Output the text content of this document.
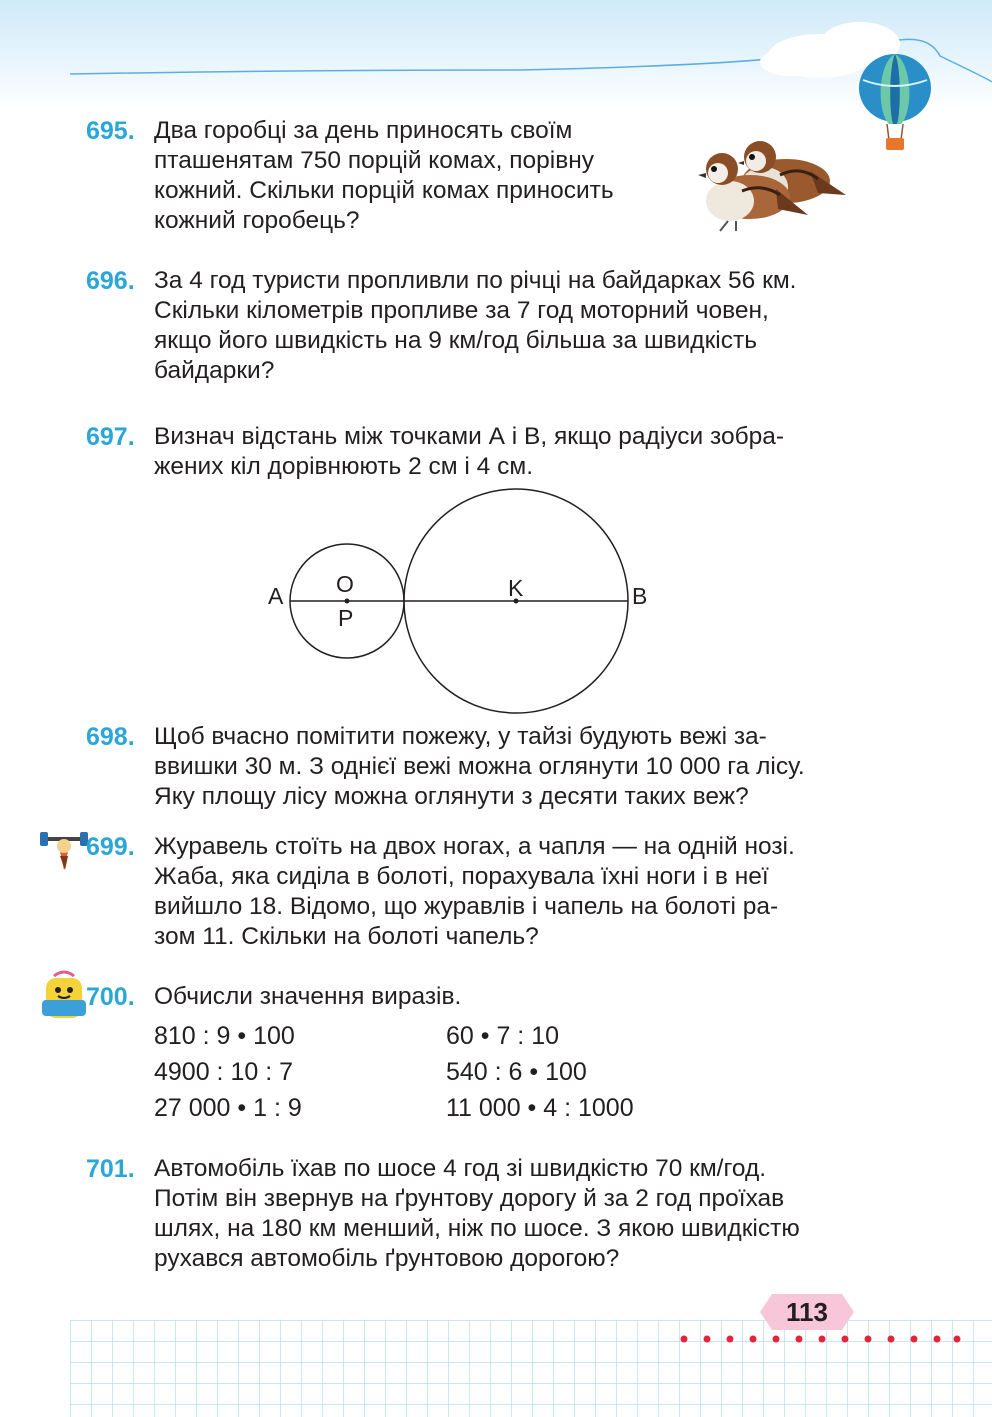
695. Два горобці за день приносять своїм
пташенятам 750 порцій комах, порівну
кожний. Скільки порцій комах приносить
кожний горобець?
696. За 4 год туристи пропливли по річці на байдарках 56 км.
Скільки кілометрів пропливе за 7 год моторний човен,
якщо його швидкість на 9 км/год більша за швидкість
байдарки?
697. Визнач відстань між точками А і В, якщо радіуси зобра-
жених кіл дорівнюють 2 см і 4 см.
A O
P
K	B
698. Щоб вчасно помітити пожежу, у тайзі будують вежі за-
ввишки 30 м. З однієї вежі можна оглянути 10 000 га лісу.
Яку площу лісу можна оглянути з десяти таких веж?
699. Журавель стоїть на двох ногах, а чапля — на одній нозі.
Жаба, яка сиділа в болоті, порахувала їхні ноги і в неї
вийшло 18. Відомо, що журавлів і чапель на болоті ра-
зом 11. Скільки на болоті чапель?
700. Обчисли значення виразів.
810 : 9 • 100
4900 : 10 : 7
27 000 • 1 : 9
60 • 7 : 10
540 : 6 • 100
11 000 • 4 : 1000
701. Автомобіль їхав по шосе 4 год зі швидкістю 70 км/год.
Потім він звернув на ґрунтову дорогу й за 2 год проїхав
шлях, на 180 км менший, ніж по шосе. З якою швидкістю
рухався автомобіль ґрунтовою дорогою?
113
